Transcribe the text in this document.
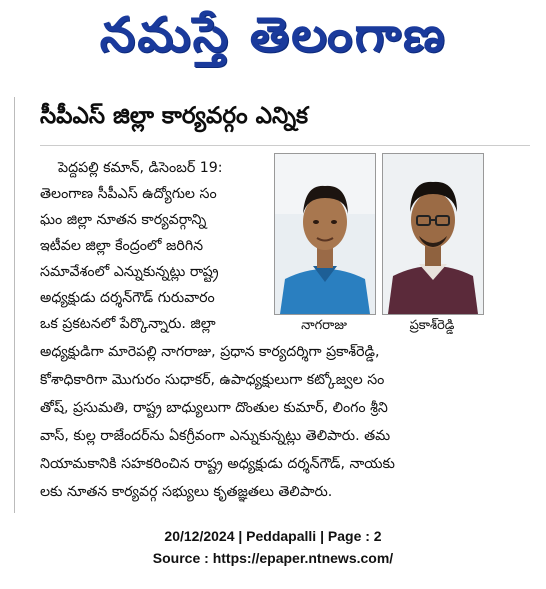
నమస్తే తెలంగాణ
సీపీఎస్ జిల్లా కార్యవర్గం ఎన్నిక
పెద్దపల్లి కమాన్, డిసెంబర్ 19:
తెలంగాణ సీపీఎస్ ఉద్యోగుల సం
ఘం జిల్లా నూతన కార్యవర్గాన్ని
ఇటీవల జిల్లా కేంద్రంలో జరిగిన
సమావేశంలో ఎన్నుకున్నట్లు రాష్ట్ర
అధ్యక్షుడు దర్శన్‌గౌడ్ గురువారం
ఒక ప్రకటనలో పేర్కొన్నారు. జిల్లా
అధ్యక్షుడిగా మారెపల్లి నాగరాజు, ప్రధాన కార్యదర్శిగా ప్రకాశ్‌రెడ్డి,
కోశాధికారిగా మొగురం సుధాకర్, ఉపాధ్యక్షులుగా కట్కోజ్వల సం
తోష్, ప్రసుమతి, రాష్ట్ర బాధ్యులుగా దొంతుల కుమార్, లింగం శ్రీని
వాస్, కుల్ల రాజేందర్‌ను ఏకగ్రీవంగా ఎన్నుకున్నట్లు తెలిపారు. తమ
నియామకానికి సహకరించిన రాష్ట్ర అధ్యక్షుడు దర్శన్‌గౌడ్, నాయకు
లకు నూతన కార్యవర్గ సభ్యులు కృతజ్ఞతలు తెలిపారు.
నాగరాజు	ప్రకాశ్‌రెడ్డి
20/12/2024 | Peddapalli | Page : 2
Source : https://epaper.ntnews.com/
